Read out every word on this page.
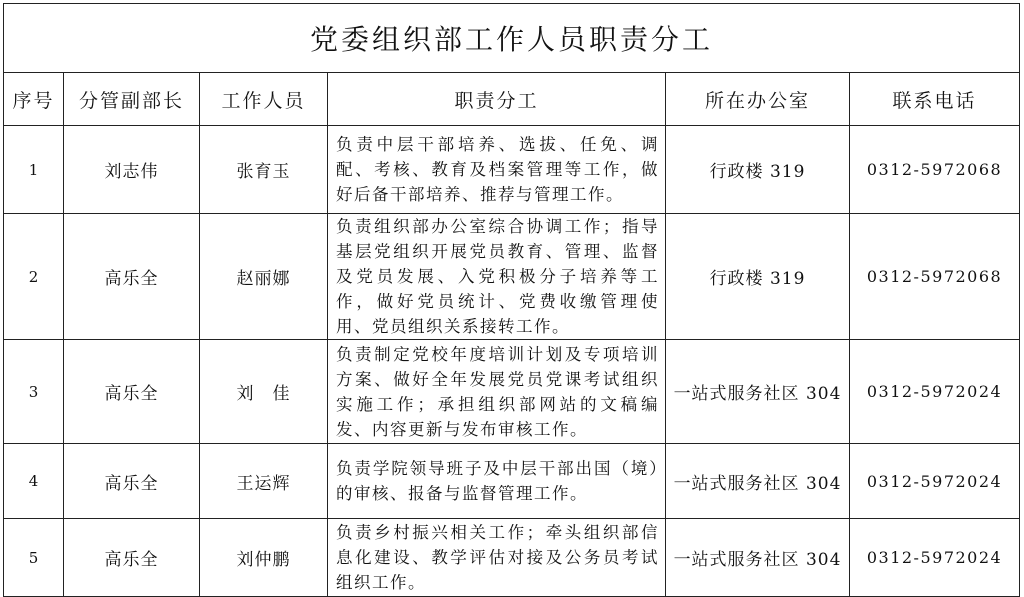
党委组织部工作人员职责分工					
序号	分管副部长	工作人员	职责分工	所在办公室	联系电话
1	刘志伟	张育玉	负责中层干部培养、选拔、任免、调配、考核、教育及档案管理等工作，做好后备干部培养、推荐与管理工作。	行政楼 319	0312-5972068
2	高乐全	赵丽娜	负责组织部办公室综合协调工作；指导基层党组织开展党员教育、管理、监督及党员发展、入党积极分子培养等工作，做好党员统计、党费收缴管理使用、党员组织关系接转工作。	行政楼 319	0312-5972068
3	高乐全	刘　佳	负责制定党校年度培训计划及专项培训方案、做好全年发展党员党课考试组织实施工作；承担组织部网站的文稿编发、内容更新与发布审核工作。	一站式服务社区 304	0312-5972024
4	高乐全	王运辉	负责学院领导班子及中层干部出国（境）的审核、报备与监督管理工作。	一站式服务社区 304	0312-5972024
5	高乐全	刘仲鹏	负责乡村振兴相关工作；牵头组织部信息化建设、教学评估对接及公务员考试组织工作。	一站式服务社区 304	0312-5972024
